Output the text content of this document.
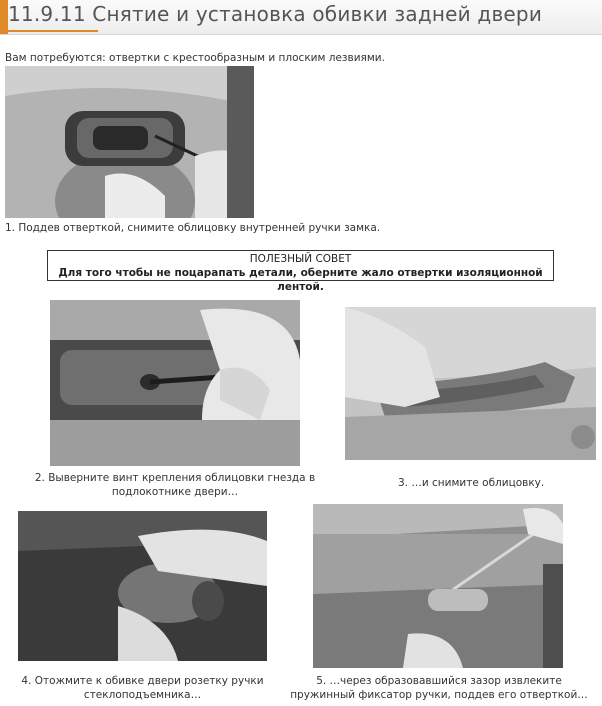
11.9.11 Снятие и установка обивки задней двери
Вам потребуются: отвертки с крестообразным и плоским лезвиями.
1. Поддев отверткой, снимите облицовку внутренней ручки замка.
ПОЛЕЗНЫЙ СОВЕТ
Для того чтобы не поцарапать детали, оберните жало отвертки изоляционной лентой.
2. Выверните винт крепления облицовки гнезда в
подлокотнике двери…
3. …и снимите облицовку.
4. Отожмите к обивке двери розетку ручки
стеклоподъемника…
5. …через образовавшийся зазор извлеките
пружинный фиксатор ручки, поддев его отверткой…
